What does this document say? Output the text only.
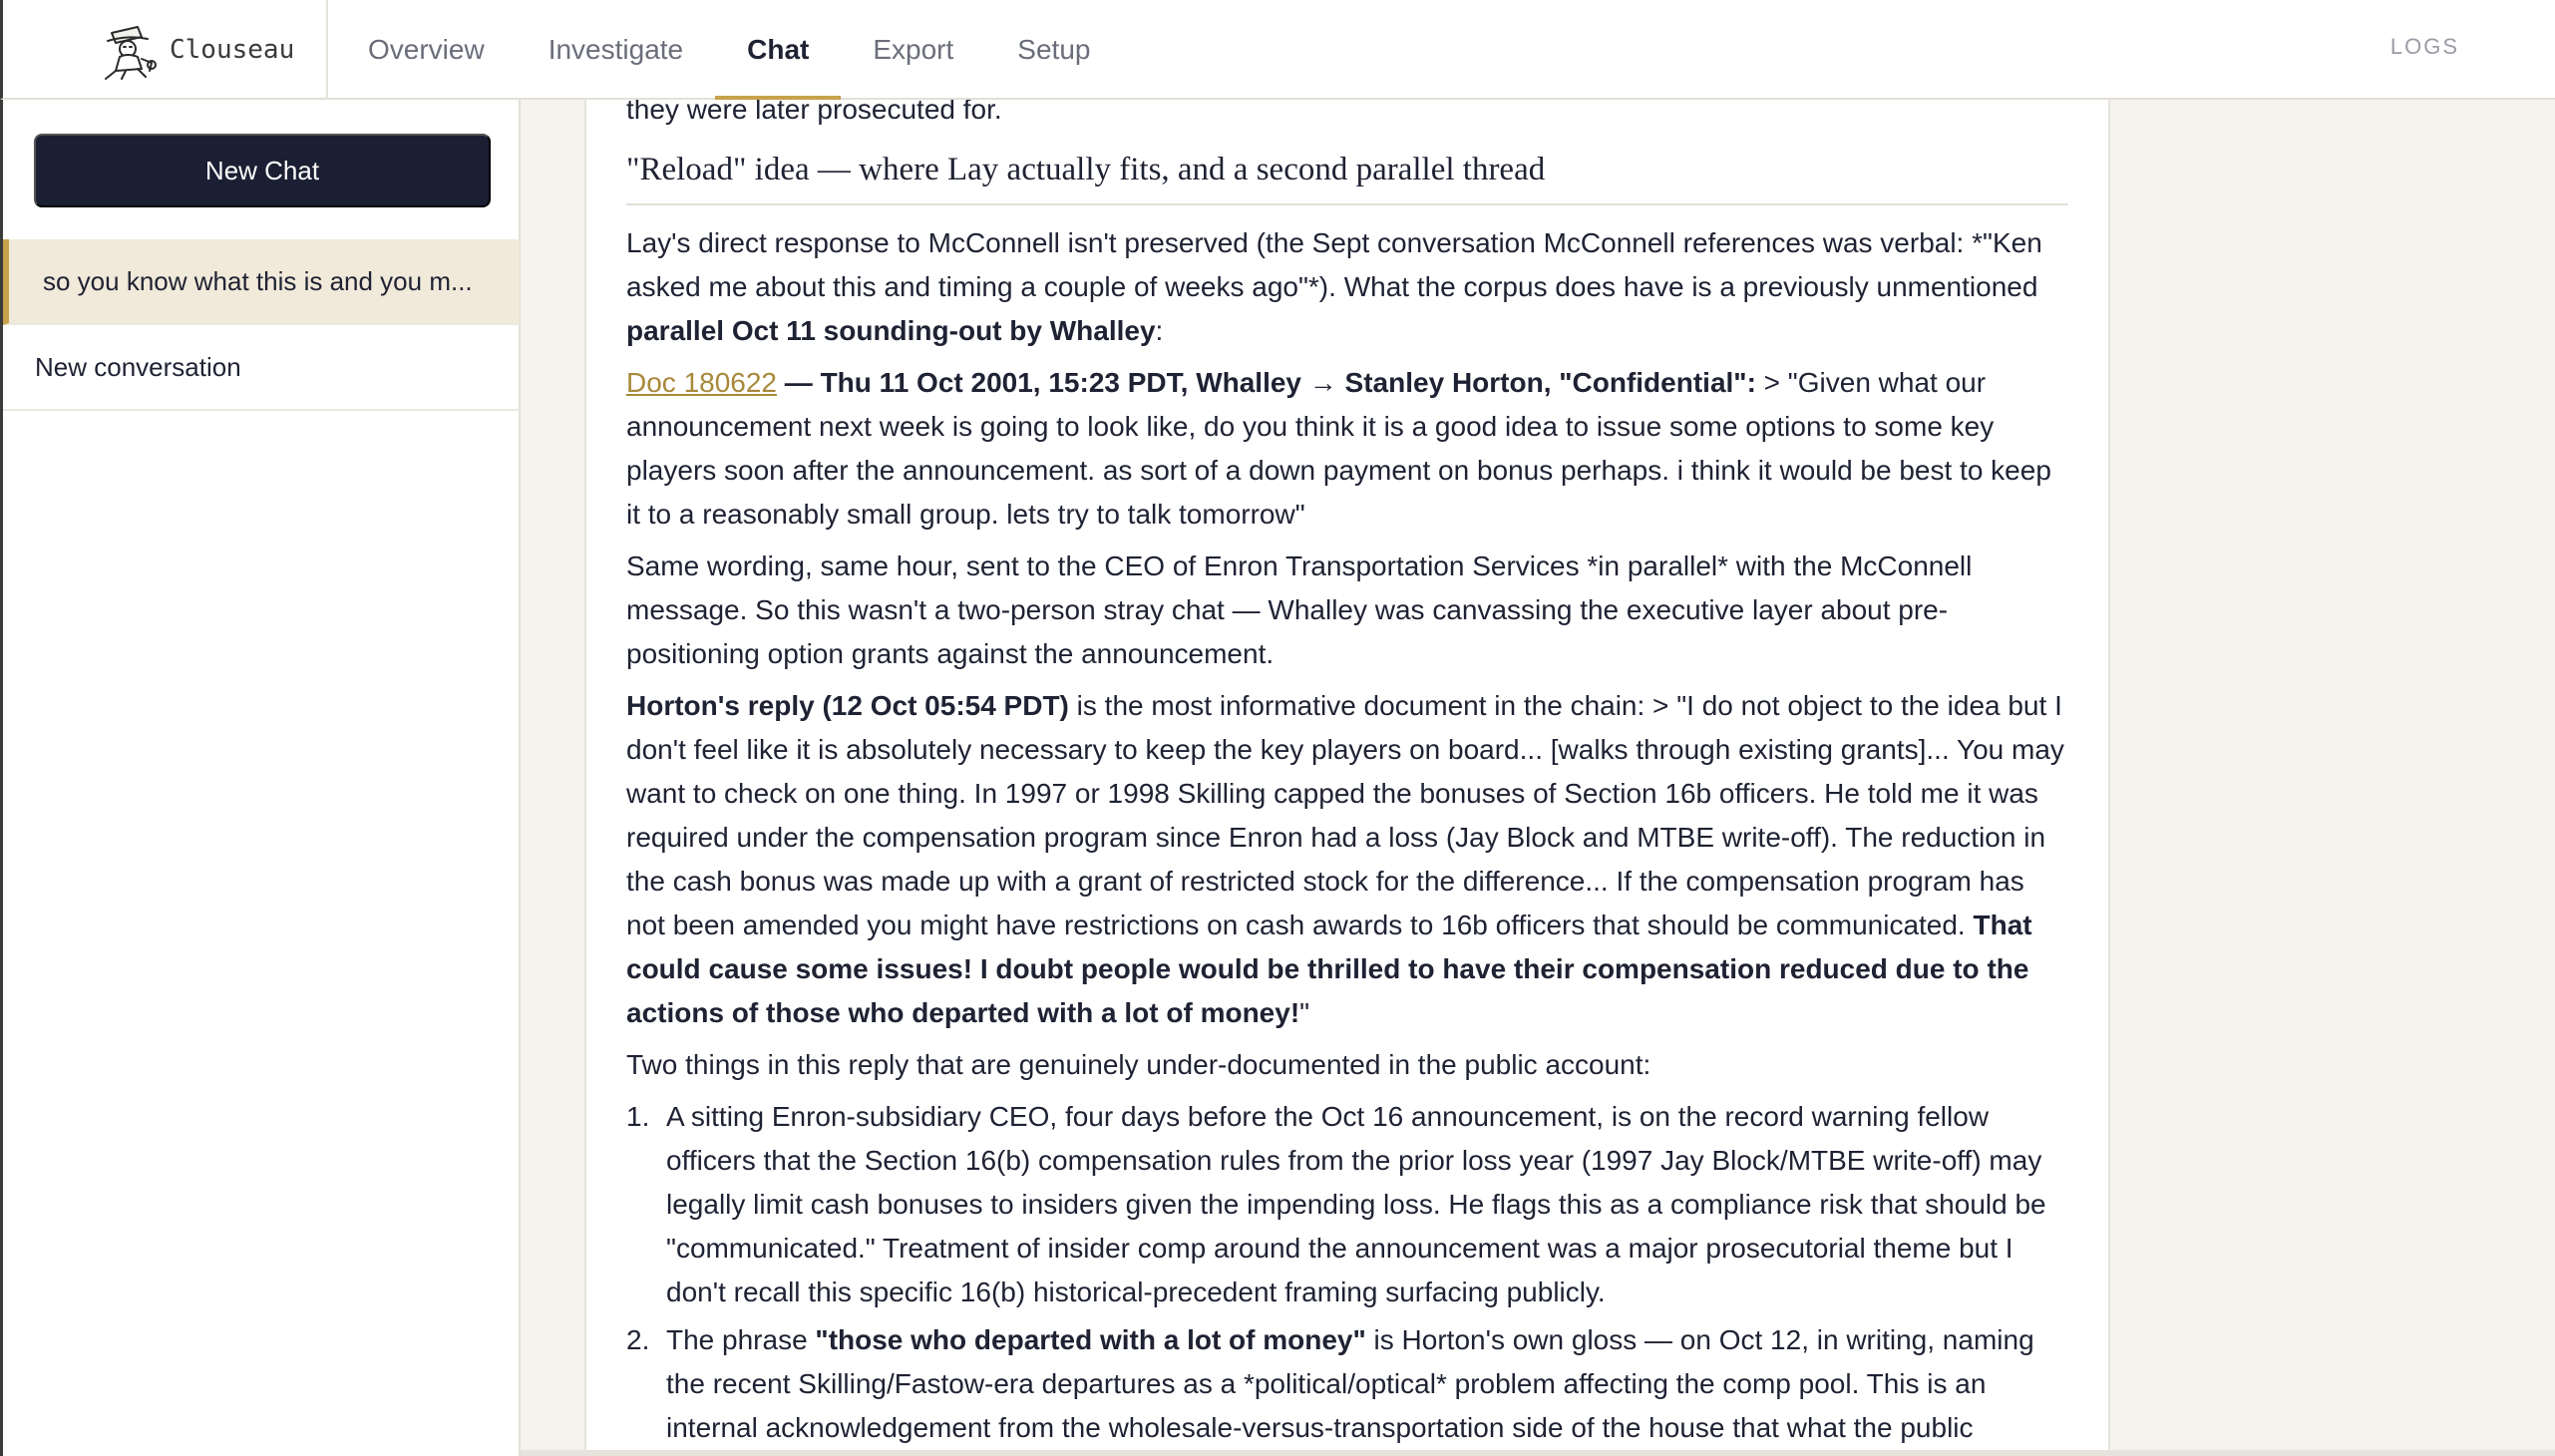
Clouseau	Overview	Investigate	Chat	Export	Setup	LOGS
New Chat
so you know what this is and you m...
New conversation

they were later prosecuted for.

"Reload" idea — where Lay actually fits, and a second parallel thread

Lay's direct response to McConnell isn't preserved (the Sept conversation McConnell references was verbal: *"Ken asked me about this and timing a couple of weeks ago"*). What the corpus does have is a previously unmentioned parallel Oct 11 sounding-out by Whalley:

Doc 180622 — Thu 11 Oct 2001, 15:23 PDT, Whalley → Stanley Horton, "Confidential": > "Given what our announcement next week is going to look like, do you think it is a good idea to issue some options to some key players soon after the announcement. as sort of a down payment on bonus perhaps. i think it would be best to keep it to a reasonably small group. lets try to talk tomorrow"

Same wording, same hour, sent to the CEO of Enron Transportation Services *in parallel* with the McConnell message. So this wasn't a two-person stray chat — Whalley was canvassing the executive layer about pre-positioning option grants against the announcement.

Horton's reply (12 Oct 05:54 PDT) is the most informative document in the chain: > "I do not object to the idea but I don't feel like it is absolutely necessary to keep the key players on board... [walks through existing grants]... You may want to check on one thing. In 1997 or 1998 Skilling capped the bonuses of Section 16b officers. He told me it was required under the compensation program since Enron had a loss (Jay Block and MTBE write-off). The reduction in the cash bonus was made up with a grant of restricted stock for the difference... If the compensation program has not been amended you might have restrictions on cash awards to 16b officers that should be communicated. That could cause some issues! I doubt people would be thrilled to have their compensation reduced due to the actions of those who departed with a lot of money!"

Two things in this reply that are genuinely under-documented in the public account:

1. A sitting Enron-subsidiary CEO, four days before the Oct 16 announcement, is on the record warning fellow officers that the Section 16(b) compensation rules from the prior loss year (1997 Jay Block/MTBE write-off) may legally limit cash bonuses to insiders given the impending loss. He flags this as a compliance risk that should be "communicated." Treatment of insider comp around the announcement was a major prosecutorial theme but I don't recall this specific 16(b) historical-precedent framing surfacing publicly.
2. The phrase "those who departed with a lot of money" is Horton's own gloss — on Oct 12, in writing, naming the recent Skilling/Fastow-era departures as a *political/optical* problem affecting the comp pool. This is an internal acknowledgement from the wholesale-versus-transportation side of the house that what the public
